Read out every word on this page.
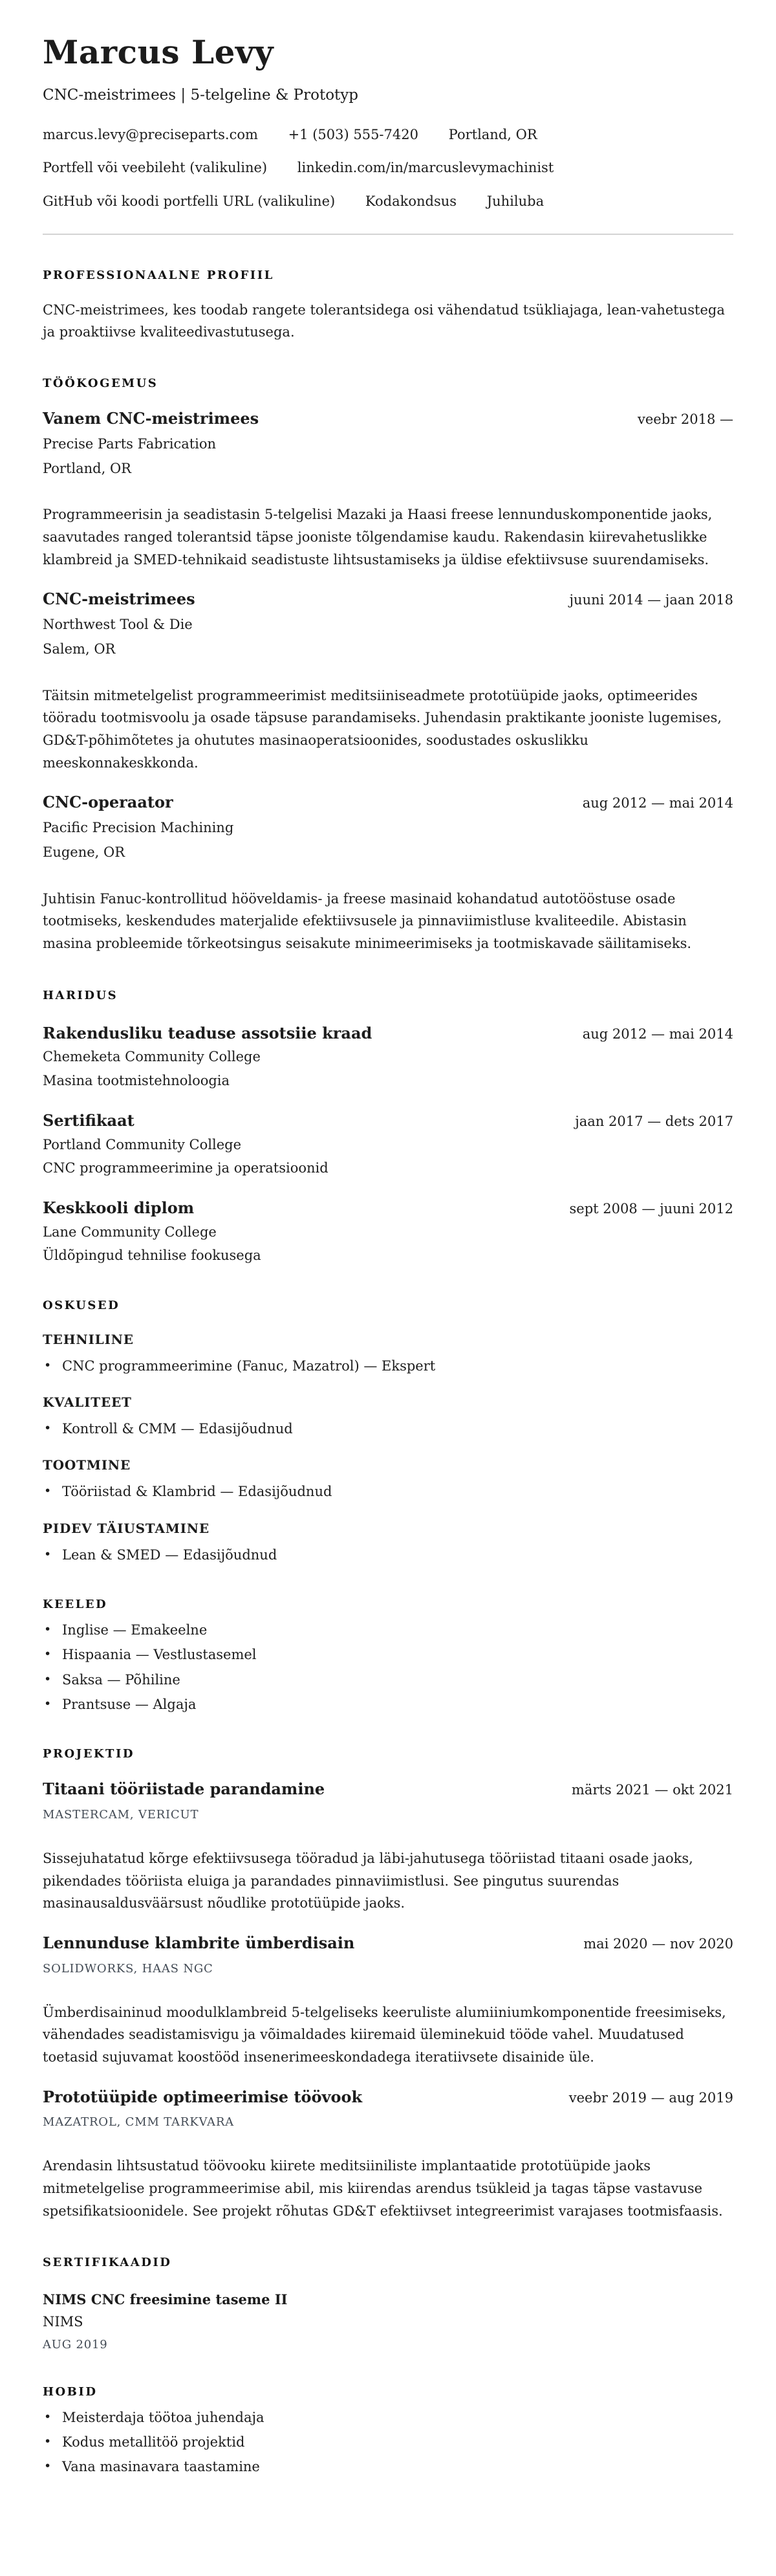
Marcus Levy
CNC-meistrimees | 5-telgeline & Prototyp
marcus.levy@preciseparts.com +1 (503) 555-7420 Portland, OR
Portfell või veebileht (valikuline) linkedin.com/in/marcuslevymachinist
GitHub või koodi portfelli URL (valikuline) Kodakondsus Juhiluba
PROFESSIONAALNE PROFIIL

CNC-meistrimees, kes toodab rangete tolerantsidega osi vähendatud tsükliajaga, lean-vahetustega ja proaktiivse kvaliteedivastutusega.

TÖÖKOGEMUS
Vanem CNC-meistrimees	veebr 2018 —
Precise Parts Fabrication
Portland, OR

Programmeerisin ja seadistasin 5-telgelisi Mazaki ja Haasi freese lennunduskomponentide jaoks, saavutades ranged tolerantsid täpse jooniste tõlgendamise kaudu. Rakendasin kiirevahetuslikke klambreid ja SMED-tehnikaid seadistuste lihtsustamiseks ja üldise efektiivsuse suurendamiseks.

CNC-meistrimees	juuni 2014 — jaan 2018
Northwest Tool & Die
Salem, OR

Täitsin mitmetelgelist programmeerimist meditsiiniseadmete prototüüpide jaoks, optimeerides tööradu tootmisvoolu ja osade täpsuse parandamiseks. Juhendasin praktikante jooniste lugemises, GD&T-põhimõtetes ja ohututes masinaoperatsioonides, soodustades oskuslikku meeskonnakeskkonda.

CNC-operaator	aug 2012 — mai 2014
Pacific Precision Machining
Eugene, OR

Juhtisin Fanuc-kontrollitud hööveldamis- ja freese masinaid kohandatud autotööstuse osade tootmiseks, keskendudes materjalide efektiivsusele ja pinnaviimistluse kvaliteedile. Abistasin masina probleemide tõrkeotsingus seisakute minimeerimiseks ja tootmiskavade säilitamiseks.

HARIDUS
Rakendusliku teaduse assotsiie kraad	aug 2012 — mai 2014
Chemeketa Community College
Masina tootmistehnoloogia
Sertifikaat	jaan 2017 — dets 2017
Portland Community College
CNC programmeerimine ja operatsioonid
Keskkooli diplom	sept 2008 — juuni 2012
Lane Community College
Üldõpingud tehnilise fookusega
OSKUSED
TEHNILINE
• CNC programmeerimine (Fanuc, Mazatrol) — Ekspert
KVALITEET
• Kontroll & CMM — Edasijõudnud
TOOTMINE
• Tööriistad & Klambrid — Edasijõudnud
PIDEV TÄIUSTAMINE
• Lean & SMED — Edasijõudnud
KEELED
• Inglise — Emakeelne
• Hispaania — Vestlustasemel
• Saksa — Põhiline
• Prantsuse — Algaja
PROJEKTID
Titaani tööriistade parandamine	märts 2021 — okt 2021
MASTERCAM, VERICUT

Sissejuhatatud kõrge efektiivsusega tööradud ja läbi-jahutusega tööriistad titaani osade jaoks, pikendades tööriista eluiga ja parandades pinnaviimistlusi. See pingutus suurendas masinausaldusväärsust nõudlike prototüüpide jaoks.

Lennunduse klambrite ümberdisain	mai 2020 — nov 2020
SOLIDWORKS, HAAS NGC

Ümberdisaininud moodulklambreid 5-telgeliseks keeruliste alumiiniumkomponentide freesimiseks, vähendades seadistamisvigu ja võimaldades kiiremaid üleminekuid tööde vahel. Muudatused toetasid sujuvamat koostööd insenerimeeskondadega iteratiivsete disainide üle.

Prototüüpide optimeerimise töövook	veebr 2019 — aug 2019
MAZATROL, CMM TARKVARA

Arendasin lihtsustatud töövooku kiirete meditsiiniliste implantaatide prototüüpide jaoks mitmetelgelise programmeerimise abil, mis kiirendas arendus tsükleid ja tagas täpse vastavuse spetsifikatsioonidele. See projekt rõhutas GD&T efektiivset integreerimist varajases tootmisfaasis.

SERTIFIKAADID
NIMS CNC freesimine taseme II
NIMS
AUG 2019
HOBID
• Meisterdaja töötoa juhendaja
• Kodus metallitöö projektid
• Vana masinavara taastamine
